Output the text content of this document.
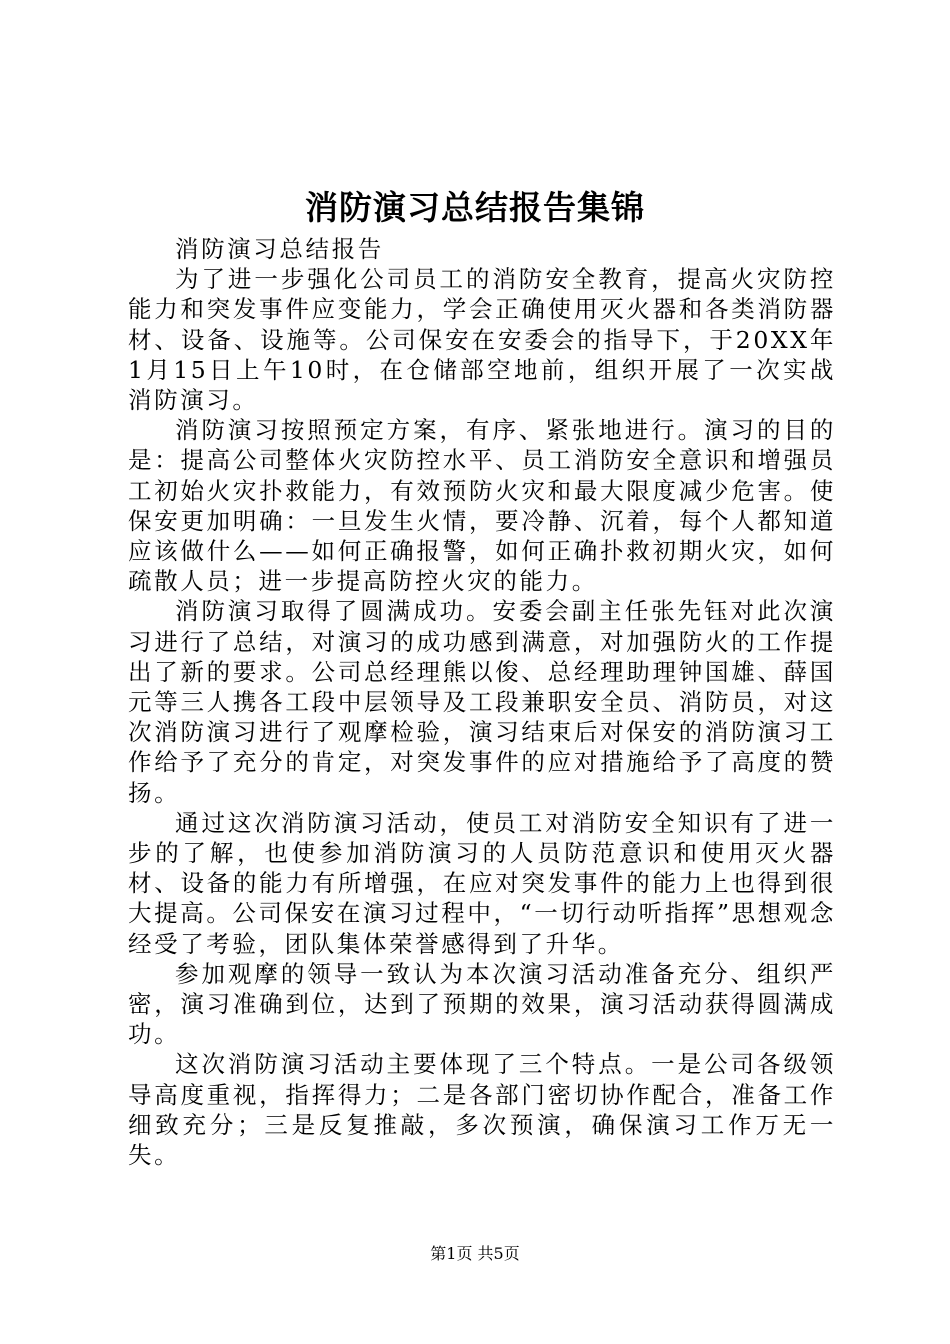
消防演习总结报告集锦

消防演习总结报告

为了进一步强化公司员工的消防安全教育，提高火灾防控能力和突发事件应变能力，学会正确使用灭火器和各类消防器材、设备、设施等。公司保安在安委会的指导下，于20XX年1月15日上午10时，在仓储部空地前，组织开展了一次实战消防演习。

消防演习按照预定方案，有序、紧张地进行。演习的目的是：提高公司整体火灾防控水平、员工消防安全意识和增强员工初始火灾扑救能力，有效预防火灾和最大限度减少危害。使保安更加明确：一旦发生火情，要冷静、沉着，每个人都知道应该做什么——如何正确报警，如何正确扑救初期火灾，如何疏散人员；进一步提高防控火灾的能力。

消防演习取得了圆满成功。安委会副主任张先钰对此次演习进行了总结，对演习的成功感到满意，对加强防火的工作提出了新的要求。公司总经理熊以俊、总经理助理钟国雄、薛国元等三人携各工段中层领导及工段兼职安全员、消防员，对这次消防演习进行了观摩检验，演习结束后对保安的消防演习工作给予了充分的肯定，对突发事件的应对措施给予了高度的赞扬。

通过这次消防演习活动，使员工对消防安全知识有了进一步的了解，也使参加消防演习的人员防范意识和使用灭火器材、设备的能力有所增强，在应对突发事件的能力上也得到很大提高。公司保安在演习过程中，“一切行动听指挥”思想观念经受了考验，团队集体荣誉感得到了升华。

参加观摩的领导一致认为本次演习活动准备充分、组织严密，演习准确到位，达到了预期的效果，演习活动获得圆满成功。

这次消防演习活动主要体现了三个特点。一是公司各级领导高度重视，指挥得力；二是各部门密切协作配合，准备工作细致充分；三是反复推敲，多次预演，确保演习工作万无一失。

第1页 共5页
